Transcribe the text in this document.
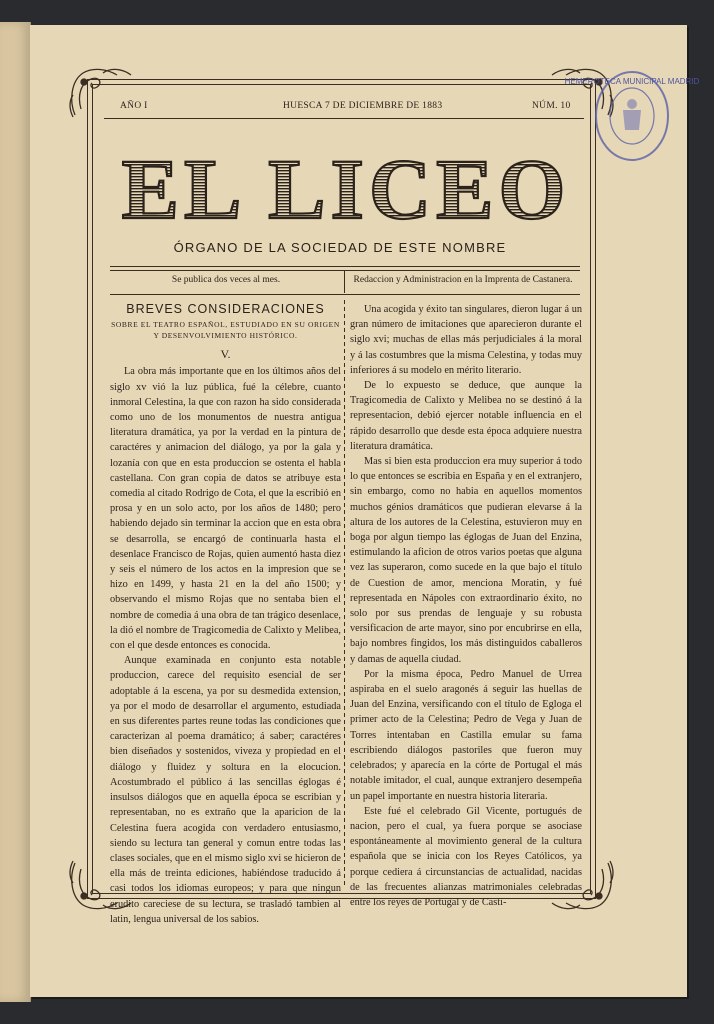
HEMEROTECA MUNICIPAL MADRID
AÑO I	HUESCA 7 DE DICIEMBRE DE 1883	NÚM. 10
EL LICEO
ÓRGANO DE LA SOCIEDAD DE ESTE NOMBRE
Se publica dos veces al mes.	Redaccion y Administracion en la Imprenta de Castanera.
BREVES CONSIDERACIONES
SOBRE EL TEATRO ESPAÑOL, ESTUDIADO EN SU ORIGEN Y DESENVOLVIMIENTO HISTÓRICO.
V.

La obra más importante que en los últimos años del siglo xv vió la luz pública, fué la célebre, cuanto inmoral Celestina, la que con razon ha sido considerada como uno de los monumentos de nuestra antigua literatura dramática, ya por la verdad en la pintura de caractéres y animacion del diálogo, ya por la gala y lozanía con que en esta produccion se ostenta el habla castellana. Con gran copia de datos se atribuye esta comedia al citado Rodrigo de Cota, el que la escribió en prosa y en un solo acto, por los años de 1480; pero habiendo dejado sin terminar la accion que en esta obra se desarrolla, se encargó de continuarla hasta el desenlace Francisco de Rojas, quien aumentó hasta diez y seis el número de los actos en la impresion que se hizo en 1499, y hasta 21 en la del año 1500; y observando el mismo Rojas que no sentaba bien el nombre de comedia á una obra de tan trágico desenlace, la dió el nombre de Tragicomedia de Calixto y Melibea, con el que desde entonces es conocida.

Aunque examinada en conjunto esta notable produccion, carece del requisito esencial de ser adoptable á la escena, ya por su desmedida extension, ya por el modo de desarrollar el argumento, estudiada en sus diferentes partes reune todas las condiciones que caracterizan al poema dramático; á saber; caractéres bien diseñados y sostenidos, viveza y propiedad en el diálogo y fluidez y soltura en la elocucion. Acostumbrado el público á las sencillas églogas é insulsos diálogos que en aquella época se escribian y representaban, no es extraño que la aparicion de la Celestina fuera acogida con verdadero entusiasmo, siendo su lectura tan general y comun entre todas las clases sociales, que en el mismo siglo xvi se hicieron de ella más de treinta ediciones, habiéndose traducido á casi todos los idiomas europeos; y para que ningun erudito careciese de su lectura, se trasladó tambien al latin, lengua universal de los sabios.

Una acogida y éxito tan singulares, dieron lugar á un gran número de imitaciones que aparecieron durante el siglo xvi; muchas de ellas más perjudiciales á la moral y á las costumbres que la misma Celestina, y todas muy inferiores á su modelo en mérito literario.

De lo expuesto se deduce, que aunque la Tragicomedia de Calixto y Melibea no se destinó á la representacion, debió ejercer notable influencia en el rápido desarrollo que desde esta época adquiere nuestra literatura dramática.

Mas si bien esta produccion era muy superior á todo lo que entonces se escribia en España y en el extranjero, sin embargo, como no habia en aquellos momentos muchos génios dramáticos que pudieran elevarse á la altura de los autores de la Celestina, estuvieron muy en boga por algun tiempo las églogas de Juan del Enzina, estimulando la aficion de otros varios poetas que alguna vez las superaron, como sucede en la que bajo el título de Cuestion de amor, menciona Moratin, y fué representada en Nápoles con extraordinario éxito, no solo por sus prendas de lenguaje y su robusta versificacion de arte mayor, sino por encubrirse en ella, bajo nombres fingidos, los más distinguidos caballeros y damas de aquella ciudad.

Por la misma época, Pedro Manuel de Urrea aspiraba en el suelo aragonés á seguir las huellas de Juan del Enzina, versificando con el título de Egloga el primer acto de la Celestina; Pedro de Vega y Juan de Torres intentaban en Castilla emular su fama escribiendo diálogos pastoriles que fueron muy celebrados; y aparecía en la córte de Portugal el más notable imitador, el cual, aunque extranjero desempeña un papel importante en nuestra historia literaria.

Este fué el celebrado Gil Vicente, portugués de nacion, pero el cual, ya fuera porque se asociase espontáneamente al movimiento general de la cultura española que se inicia con los Reyes Católicos, ya porque cediera á circunstancias de actualidad, nacidas de las frecuentes alianzas matrimoniales celebradas entre los reyes de Portugal y de Casti-
